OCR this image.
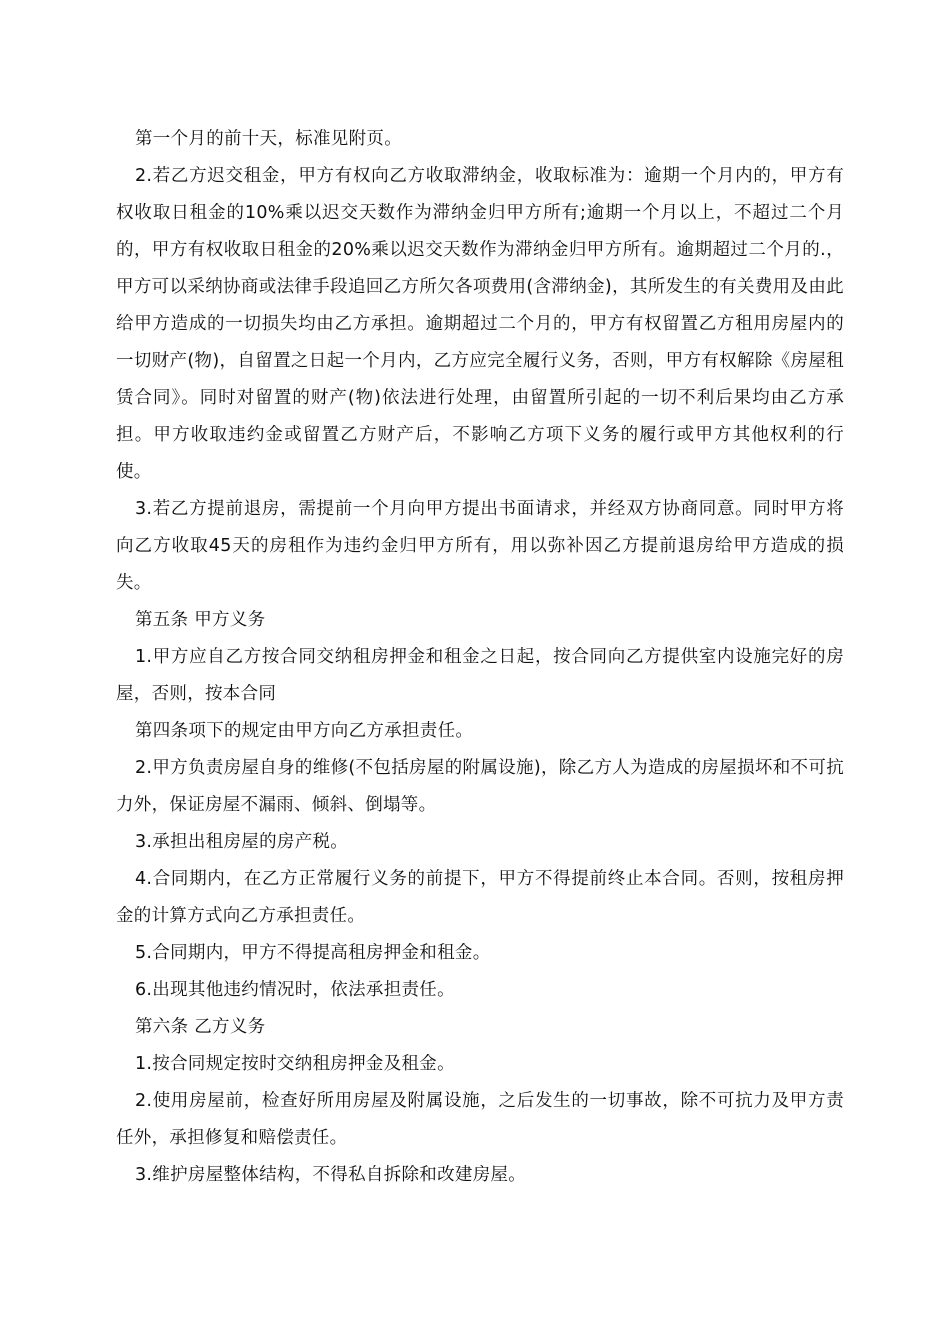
第一个月的前十天，标准见附页。

2.若乙方迟交租金，甲方有权向乙方收取滞纳金，收取标准为：逾期一个月内的，甲方有权收取日租金的10%乘以迟交天数作为滞纳金归甲方所有;逾期一个月以上，不超过二个月的，甲方有权收取日租金的20%乘以迟交天数作为滞纳金归甲方所有。逾期超过二个月的.，甲方可以采纳协商或法律手段追回乙方所欠各项费用(含滞纳金)，其所发生的有关费用及由此给甲方造成的一切损失均由乙方承担。逾期超过二个月的，甲方有权留置乙方租用房屋内的一切财产(物)，自留置之日起一个月内，乙方应完全履行义务，否则，甲方有权解除《房屋租赁合同》。同时对留置的财产(物)依法进行处理，由留置所引起的一切不利后果均由乙方承担。甲方收取违约金或留置乙方财产后，不影响乙方项下义务的履行或甲方其他权利的行使。

3.若乙方提前退房，需提前一个月向甲方提出书面请求，并经双方协商同意。同时甲方将向乙方收取45天的房租作为违约金归甲方所有，用以弥补因乙方提前退房给甲方造成的损失。

第五条 甲方义务

1.甲方应自乙方按合同交纳租房押金和租金之日起，按合同向乙方提供室内设施完好的房屋，否则，按本合同

第四条项下的规定由甲方向乙方承担责任。

2.甲方负责房屋自身的维修(不包括房屋的附属设施)，除乙方人为造成的房屋损坏和不可抗力外，保证房屋不漏雨、倾斜、倒塌等。

3.承担出租房屋的房产税。

4.合同期内，在乙方正常履行义务的前提下，甲方不得提前终止本合同。否则，按租房押金的计算方式向乙方承担责任。

5.合同期内，甲方不得提高租房押金和租金。

6.出现其他违约情况时，依法承担责任。

第六条 乙方义务

1.按合同规定按时交纳租房押金及租金。

2.使用房屋前，检查好所用房屋及附属设施，之后发生的一切事故，除不可抗力及甲方责任外，承担修复和赔偿责任。

3.维护房屋整体结构，不得私自拆除和改建房屋。
